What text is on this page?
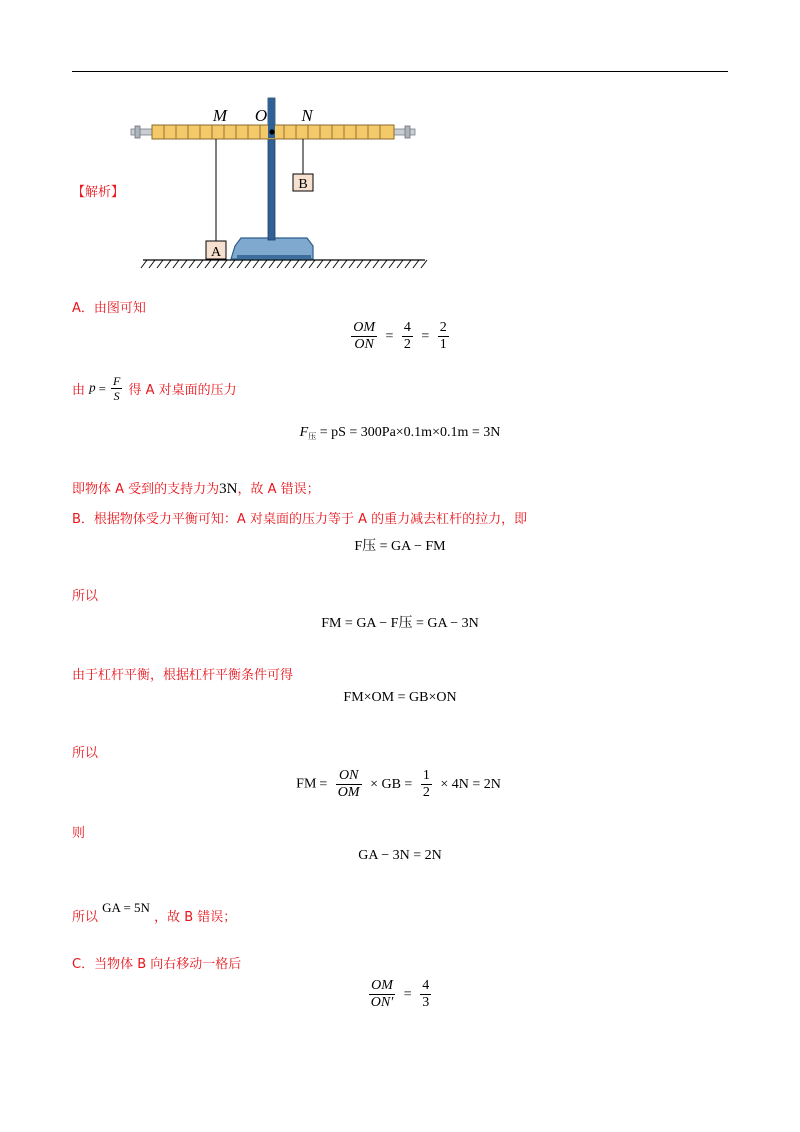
B
A
M O N
【解析】
A．由图可知
$\frac{OM}{ON} = \frac{4}{2} = \frac{2}{1}$
由 $p = \frac{F}{S}$ 得 A 对桌面的压力
$F_压$ = pS = 300Pa×0.1m×0.1m = 3N
即物体 A 受到的支持力为3N，故 A 错误；
B．根据物体受力平衡可知：A 对桌面的压力等于 A 的重力减去杠杆的拉力，即
F压 = GA − FM
所以
FM = GA − F压 = GA − 3N
由于杠杆平衡，根据杠杆平衡条件可得
FM×OM = GB×ON
所以
FM = $\frac{ON}{OM}$ × GB = $\frac{1}{2} \times 4N = 2N$
则
GA − 3N = 2N
所以 GA = 5N ，故 B 错误；
C．当物体 B 向右移动一格后
$\frac{OM}{ON'} = \frac{4}{3}$
